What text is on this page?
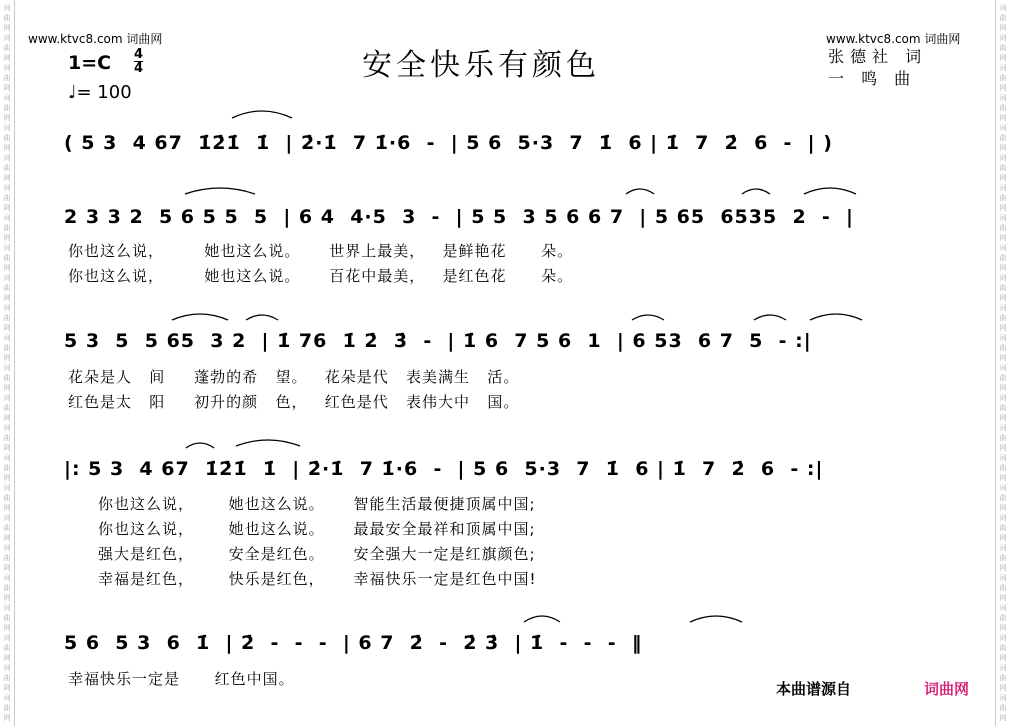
词
曲
网
词
曲
网
词
曲
网
词
曲
网
词
曲
网
词
曲
网
词
曲
网
词
曲
网
词
曲
网
词
曲
网
词
曲
网
词
曲
网
词
曲
网
词
曲
网
词
曲
网
词
曲
网
词
曲
网
词
曲
网
词
曲
网
词
曲
网
词
曲
网
词
曲
网
词
曲
网
词
曲
网
词
曲
网
词
曲
网
词
曲
网
词
曲
网
词
曲
网
词
曲
网
词
曲
网
词
曲
网
词
曲
网
词
曲
网
词
曲
网
词
曲
网
词
曲
网
词
曲
网
词
曲
网
词
曲
网
词
曲
网
词
曲
网
词
曲
网
词
曲
网
词
曲
网
词
曲
网
词
曲
网
词
曲
网
www.ktvc8.com 词曲网	www.ktvc8.com 词曲网
安全快乐有颜色
$1=C \frac{4}{4}$
♩= 100
张德社 词
一 鸣 曲
( 5 3  4 67  1̇2̇1̇  1̇  | 2̇·1̇  7 1̇·6  -  | 5 6  5·3  7  1̇  6 | 1̇  7  2̇  6  -  | )
2 3 3 2  5 6 5 5  5  | 6 4  4·5  3  -  | 5 5  3 5 6 6 7  | 5 65  6535  2  -  |
你也这么说，       她也这么说。     世界上最美，   是鲜艳花      朵。
你也这么说，       她也这么说。     百花中最美，   是红色花      朵。
5 3  5  5 65  3 2  | 1̇ 76  1̇ 2̇  3̇  -  | 1̇ 6  7 5 6  1  | 6 53  6 7  5  - :|
花朵是人   间     蓬勃的希   望。   花朵是代   表美满生   活。
红色是太   阳     初升的颜   色，   红色是代   表伟大中   国。
|: 5 3  4 67  1̇2̇1̇  1̇  | 2̇·1̇  7 1̇·6  -  | 5 6  5·3  7  1̇  6 | 1̇  7  2̇  6  - :|
你也这么说，      她也这么说。     智能生活最便捷顶属中国;
你也这么说，      她也这么说。     最最安全最祥和顶属中国;
强大是红色，      安全是红色。     安全强大一定是红旗颜色;
幸福是红色，      快乐是红色，     幸福快乐一定是红色中国!
5 6  5 3  6  1̇  | 2̇  -  -  -  | 6 7  2̇  -  2̇ 3̇  | 1̇  -  -  -  ‖
幸福快乐一定是      红色中国。
本曲谱源自	词曲网
